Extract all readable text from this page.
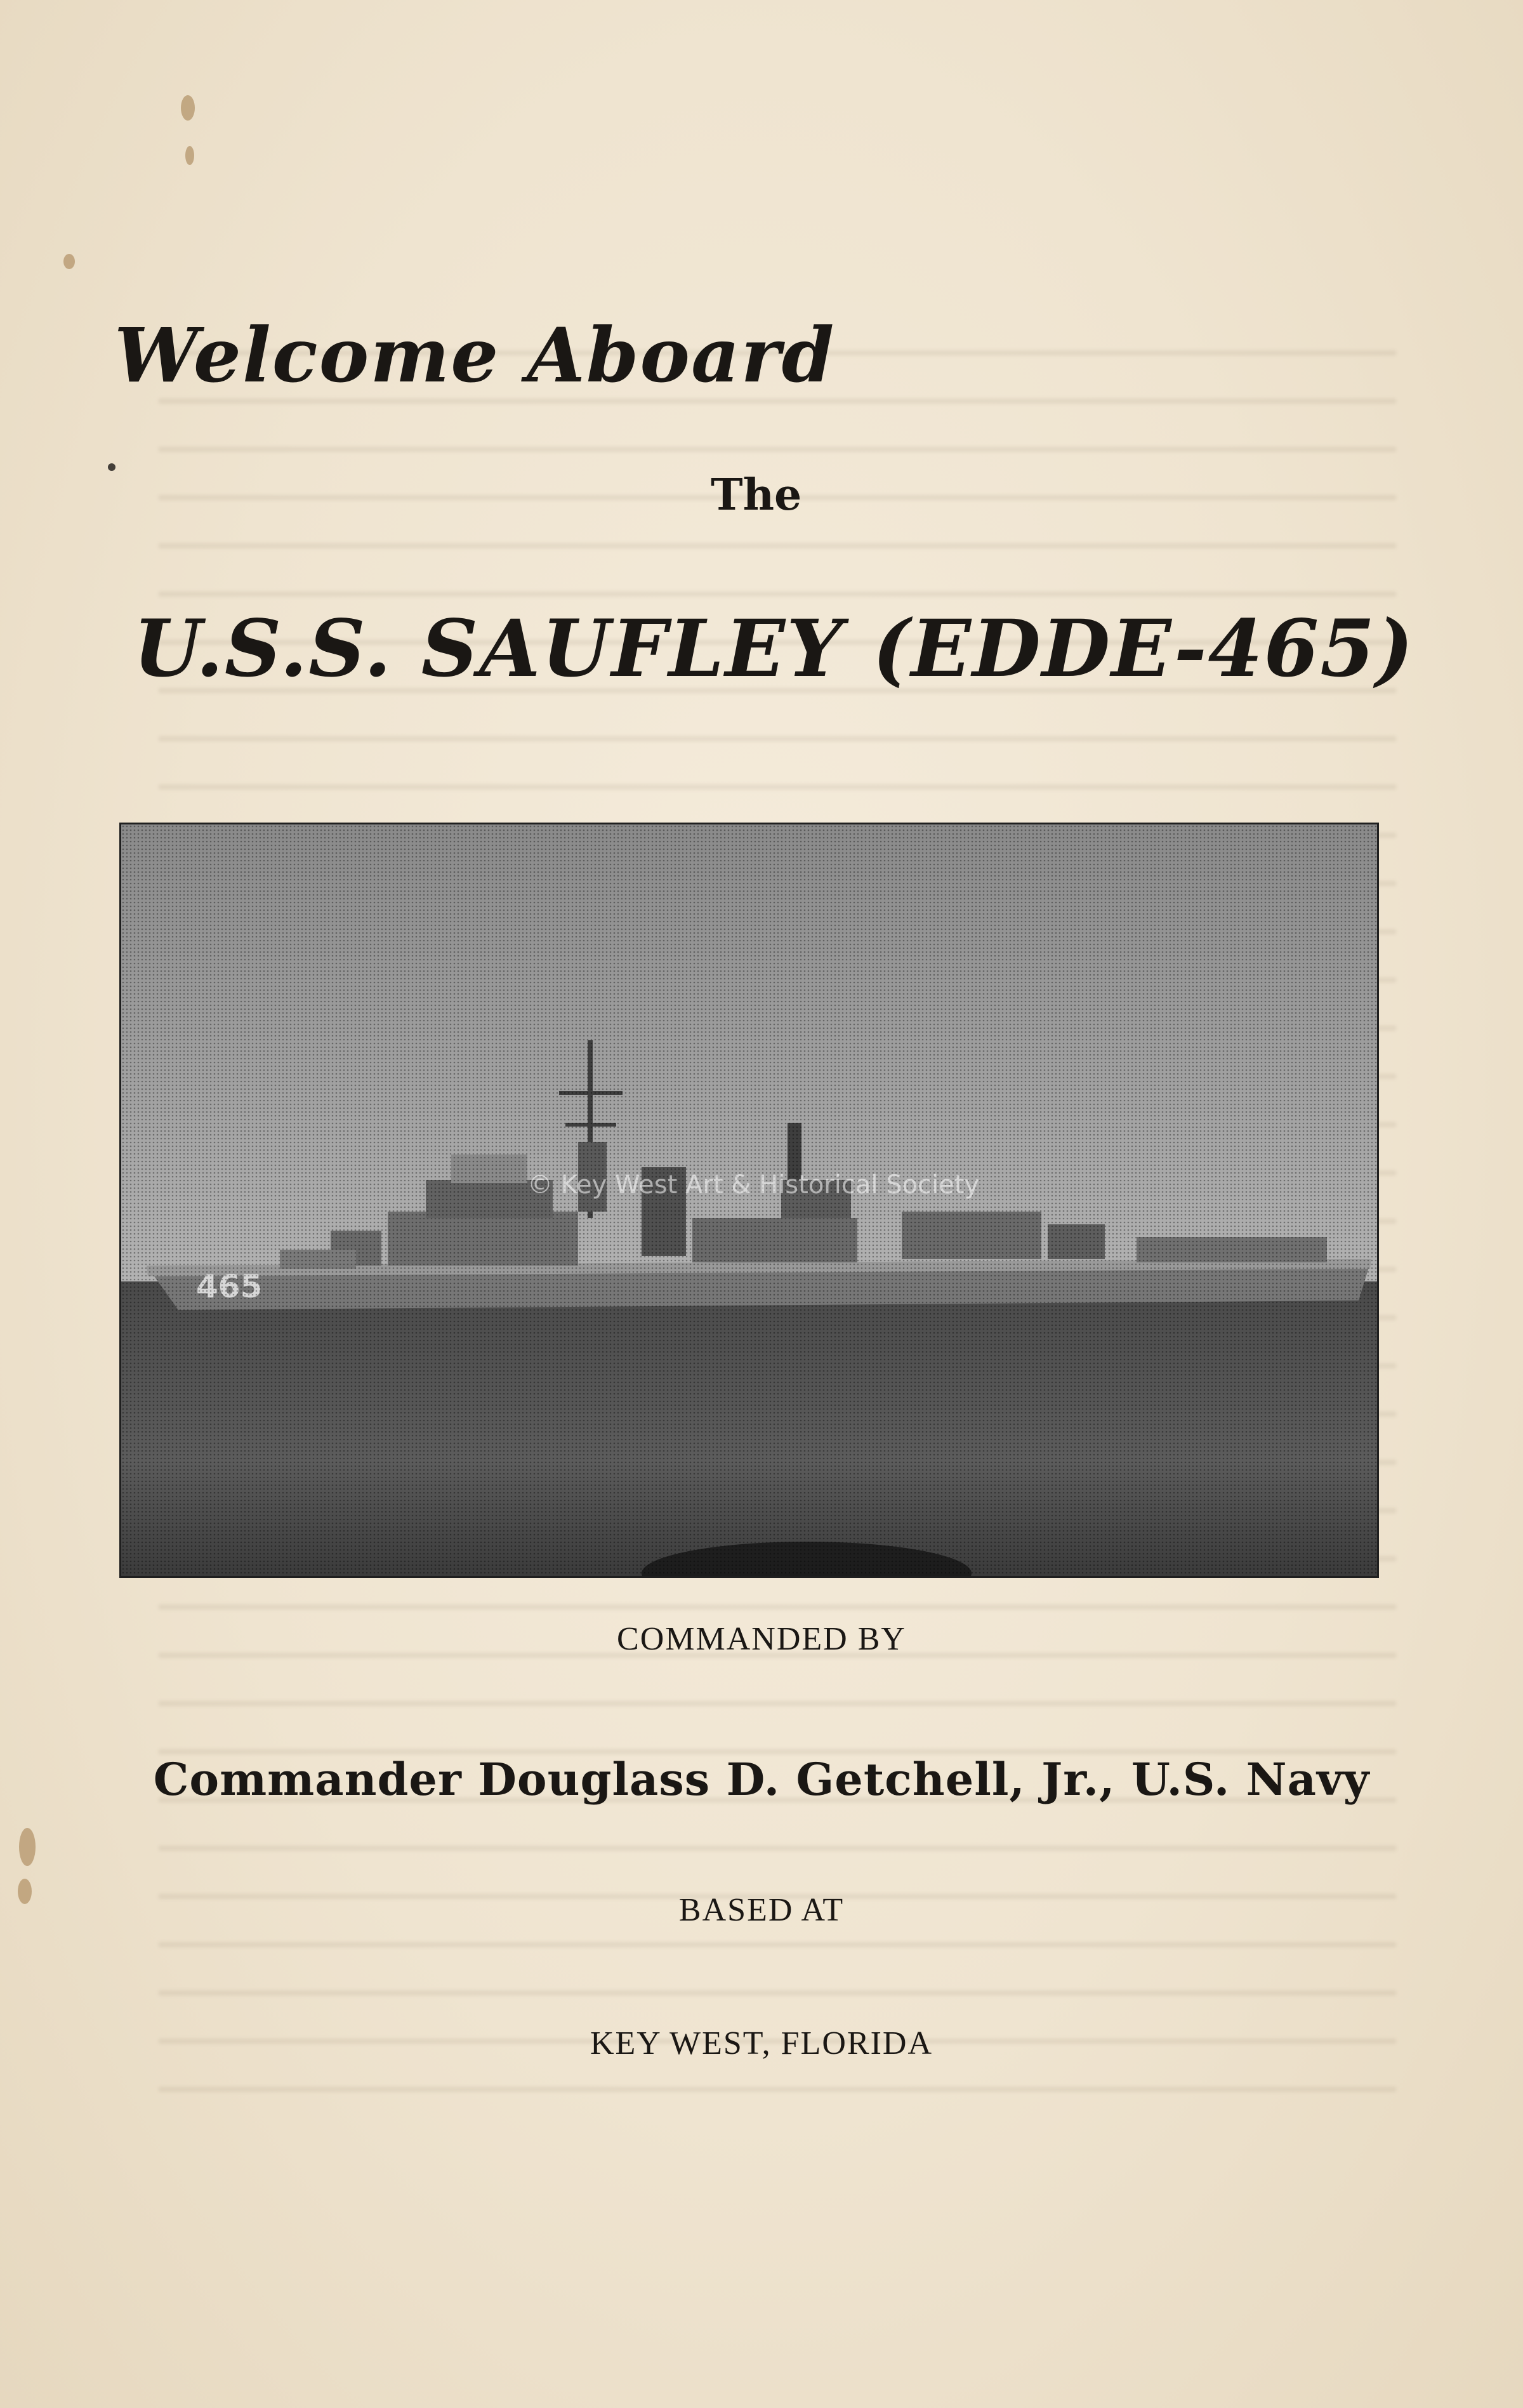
Welcome Aboard
The
U.S.S. SAUFLEY (EDDE-465)
© Key West Art & Historical Society
COMMANDED BY
Commander Douglass D. Getchell, Jr., U.S. Navy
BASED AT
KEY WEST, FLORIDA
